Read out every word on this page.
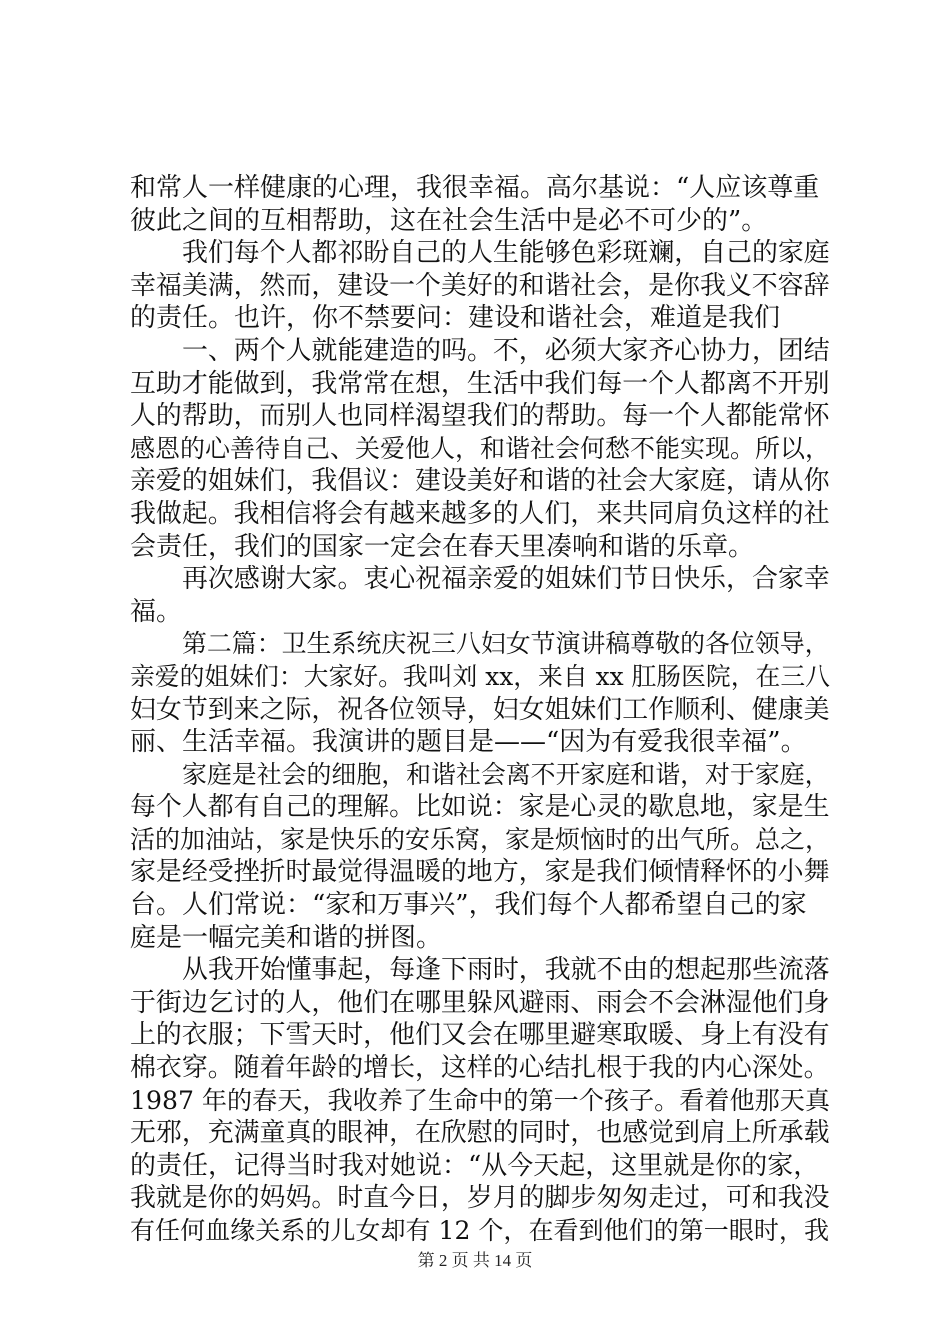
和常人一样健康的心理，我很幸福。高尔基说：“人应该尊重
彼此之间的互相帮助，这在社会生活中是必不可少的”。
我们每个人都祁盼自己的人生能够色彩斑斓，自己的家庭
幸福美满，然而，建设一个美好的和谐社会，是你我义不容辞
的责任。也许，你不禁要问：建设和谐社会，难道是我们
一、两个人就能建造的吗。不，必须大家齐心协力，团结
互助才能做到，我常常在想，生活中我们每一个人都离不开别
人的帮助，而别人也同样渴望我们的帮助。每一个人都能常怀
感恩的心善待自己、关爱他人，和谐社会何愁不能实现。所以，
亲爱的姐妹们，我倡议：建设美好和谐的社会大家庭，请从你
我做起。我相信将会有越来越多的人们，来共同肩负这样的社
会责任，我们的国家一定会在春天里凑响和谐的乐章。
再次感谢大家。衷心祝福亲爱的姐妹们节日快乐，合家幸
福。
第二篇：卫生系统庆祝三八妇女节演讲稿尊敬的各位领导，
亲爱的姐妹们：大家好。我叫刘 xx，来自 xx 肛肠医院，在三八
妇女节到来之际，祝各位领导，妇女姐妹们工作顺利、健康美
丽、生活幸福。我演讲的题目是——“因为有爱我很幸福”。
家庭是社会的细胞，和谐社会离不开家庭和谐，对于家庭，
每个人都有自己的理解。比如说：家是心灵的歇息地，家是生
活的加油站，家是快乐的安乐窝，家是烦恼时的出气所。总之，
家是经受挫折时最觉得温暖的地方，家是我们倾情释怀的小舞
台。人们常说：“家和万事兴”，我们每个人都希望自己的家
庭是一幅完美和谐的拼图。
从我开始懂事起，每逢下雨时，我就不由的想起那些流落
于街边乞讨的人，他们在哪里躲风避雨、雨会不会淋湿他们身
上的衣服；下雪天时，他们又会在哪里避寒取暖、身上有没有
棉衣穿。随着年龄的增长，这样的心结扎根于我的内心深处。
1987 年的春天，我收养了生命中的第一个孩子。看着他那天真
无邪，充满童真的眼神，在欣慰的同时，也感觉到肩上所承载
的责任，记得当时我对她说：“从今天起，这里就是你的家，
我就是你的妈妈。时直今日，岁月的脚步匆匆走过，可和我没
有任何血缘关系的儿女却有 12 个，在看到他们的第一眼时，我
第 2 页 共 14 页
